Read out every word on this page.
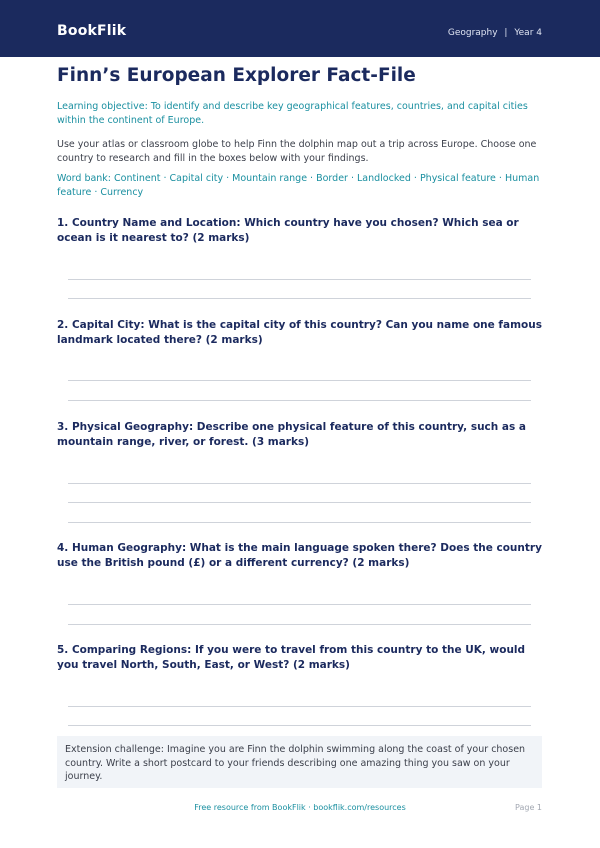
BookFlik	Geography | Year 4
Finn’s European Explorer Fact-File
Learning objective: To identify and describe key geographical features, countries, and capital cities within the continent of Europe.
Use your atlas or classroom globe to help Finn the dolphin map out a trip across Europe. Choose one country to research and fill in the boxes below with your findings.
Word bank: Continent · Capital city · Mountain range · Border · Landlocked · Physical feature · Human feature · Currency
1. Country Name and Location: Which country have you chosen? Which sea or ocean is it nearest to? (2 marks)
2. Capital City: What is the capital city of this country? Can you name one famous landmark located there? (2 marks)
3. Physical Geography: Describe one physical feature of this country, such as a mountain range, river, or forest. (3 marks)
4. Human Geography: What is the main language spoken there? Does the country use the British pound (£) or a different currency? (2 marks)
5. Comparing Regions: If you were to travel from this country to the UK, would you travel North, South, East, or West? (2 marks)
Extension challenge: Imagine you are Finn the dolphin swimming along the coast of your chosen country. Write a short postcard to your friends describing one amazing thing you saw on your journey.
Free resource from BookFlik · bookflik.com/resources	Page 1
